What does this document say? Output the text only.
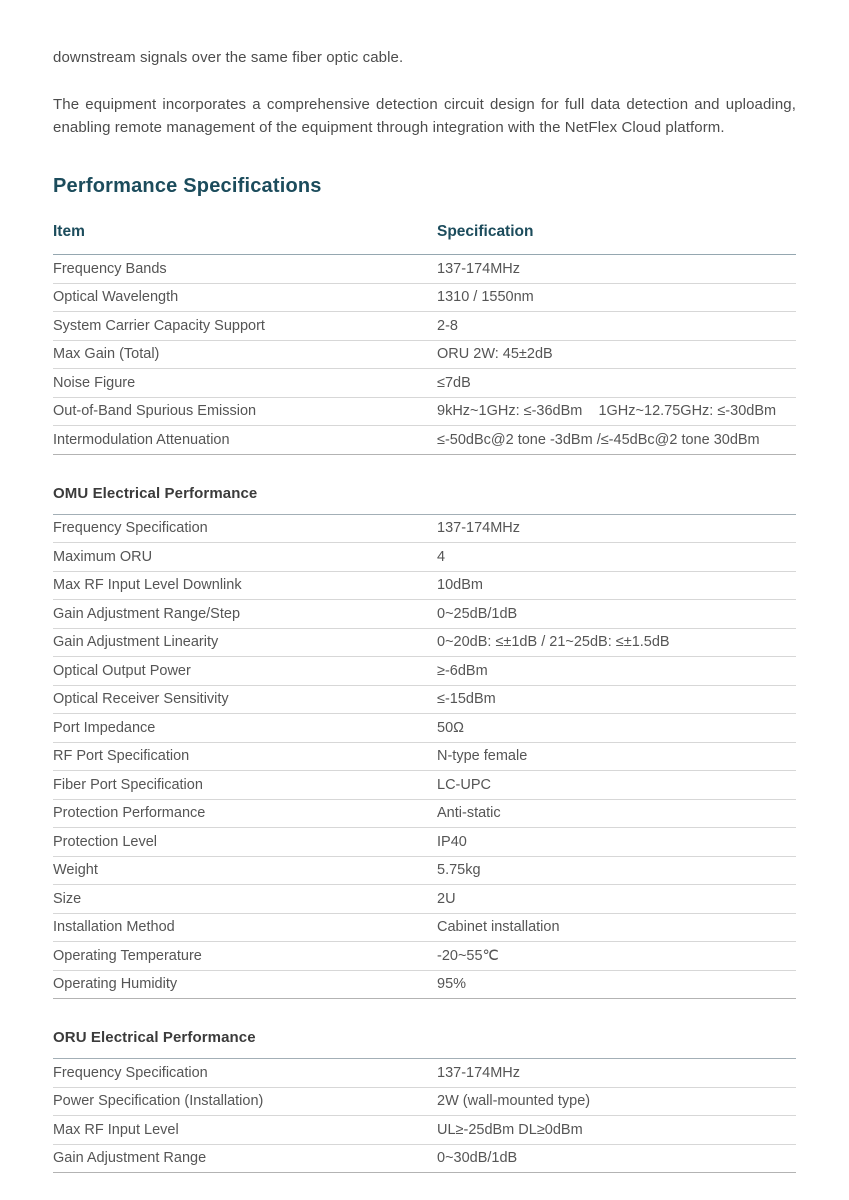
downstream signals over the same fiber optic cable.

The equipment incorporates a comprehensive detection circuit design for full data detection and uploading, enabling remote management of the equipment through integration with the NetFlex Cloud platform.

Performance Specifications
Item	Specification
Frequency Bands	137-174MHz
Optical Wavelength	1310 / 1550nm
System Carrier Capacity Support	2-8
Max Gain (Total)	ORU 2W: 45±2dB
Noise Figure	≤7dB
Out-of-Band Spurious Emission	9kHz~1GHz: ≤-36dBm    1GHz~12.75GHz: ≤-30dBm
Intermodulation Attenuation	≤-50dBc@2 tone -3dBm /≤-45dBc@2 tone 30dBm
OMU Electrical Performance
Frequency Specification	137-174MHz
Maximum ORU	4
Max RF Input Level Downlink	10dBm
Gain Adjustment Range/Step	0~25dB/1dB
Gain Adjustment Linearity	0~20dB: ≤±1dB / 21~25dB: ≤±1.5dB
Optical Output Power	≥-6dBm
Optical Receiver Sensitivity	≤-15dBm
Port Impedance	50Ω
RF Port Specification	N-type female
Fiber Port Specification	LC-UPC
Protection Performance	Anti-static
Protection Level	IP40
Weight	5.75kg
Size	2U
Installation Method	Cabinet installation
Operating Temperature	-20~55℃
Operating Humidity	95%
ORU Electrical Performance
Frequency Specification	137-174MHz
Power Specification (Installation)	2W (wall-mounted type)
Max RF Input Level	UL≥-25dBm DL≥0dBm
Gain Adjustment Range	0~30dB/1dB
